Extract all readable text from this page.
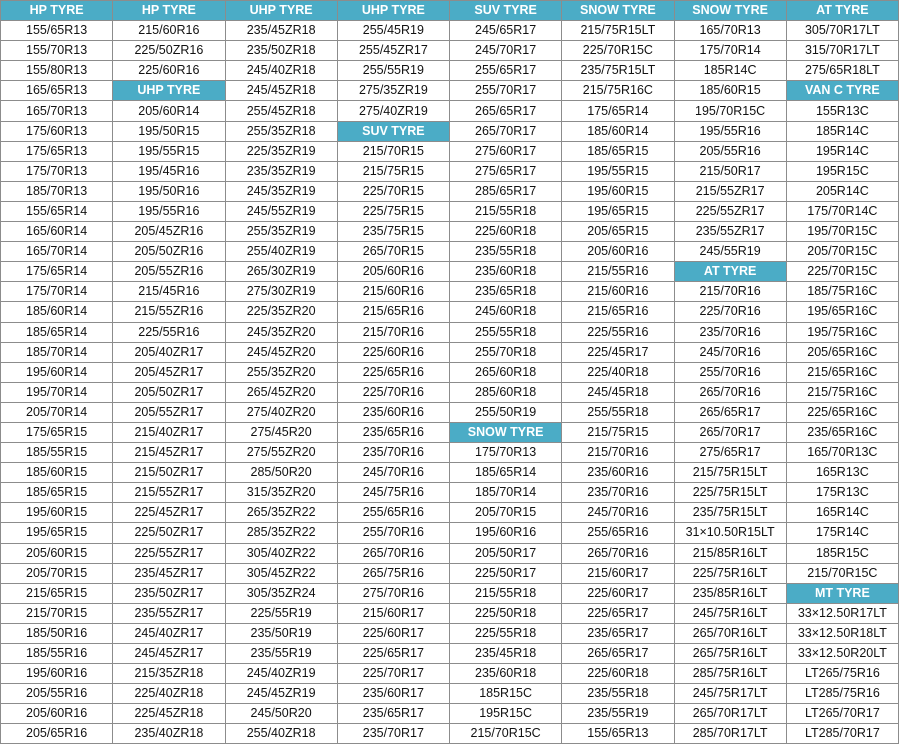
HP TYRE	HP TYRE	UHP TYRE	UHP TYRE	SUV TYRE	SNOW TYRE	SNOW TYRE	AT TYRE
155/65R13	215/60R16	235/45ZR18	255/45R19	245/65R17	215/75R15LT	165/70R13	305/70R17LT
155/70R13	225/50ZR16	235/50ZR18	255/45ZR17	245/70R17	225/70R15C	175/70R14	315/70R17LT
155/80R13	225/60R16	245/40ZR18	255/55R19	255/65R17	235/75R15LT	185R14C	275/65R18LT
165/65R13	UHP TYRE	245/45ZR18	275/35ZR19	255/70R17	215/75R16C	185/60R15	VAN C TYRE
165/70R13	205/60R14	255/45ZR18	275/40ZR19	265/65R17	175/65R14	195/70R15C	155R13C
175/60R13	195/50R15	255/35ZR18	SUV TYRE	265/70R17	185/60R14	195/55R16	185R14C
175/65R13	195/55R15	225/35ZR19	215/70R15	275/60R17	185/65R15	205/55R16	195R14C
175/70R13	195/45R16	235/35ZR19	215/75R15	275/65R17	195/55R15	215/50R17	195R15C
185/70R13	195/50R16	245/35ZR19	225/70R15	285/65R17	195/60R15	215/55ZR17	205R14C
155/65R14	195/55R16	245/55ZR19	225/75R15	215/55R18	195/65R15	225/55ZR17	175/70R14C
165/60R14	205/45ZR16	255/35ZR19	235/75R15	225/60R18	205/65R15	235/55ZR17	195/70R15C
165/70R14	205/50ZR16	255/40ZR19	265/70R15	235/55R18	205/60R16	245/55R19	205/70R15C
175/65R14	205/55ZR16	265/30ZR19	205/60R16	235/60R18	215/55R16	AT TYRE	225/70R15C
175/70R14	215/45R16	275/30ZR19	215/60R16	235/65R18	215/60R16	215/70R16	185/75R16C
185/60R14	215/55ZR16	225/35ZR20	215/65R16	245/60R18	215/65R16	225/70R16	195/65R16C
185/65R14	225/55R16	245/35ZR20	215/70R16	255/55R18	225/55R16	235/70R16	195/75R16C
185/70R14	205/40ZR17	245/45ZR20	225/60R16	255/70R18	225/45R17	245/70R16	205/65R16C
195/60R14	205/45ZR17	255/35ZR20	225/65R16	265/60R18	225/40R18	255/70R16	215/65R16C
195/70R14	205/50ZR17	265/45ZR20	225/70R16	285/60R18	245/45R18	265/70R16	215/75R16C
205/70R14	205/55ZR17	275/40ZR20	235/60R16	255/50R19	255/55R18	265/65R17	225/65R16C
175/65R15	215/40ZR17	275/45R20	235/65R16	SNOW TYRE	215/75R15	265/70R17	235/65R16C
185/55R15	215/45ZR17	275/55ZR20	235/70R16	175/70R13	215/70R16	275/65R17	165/70R13C
185/60R15	215/50ZR17	285/50R20	245/70R16	185/65R14	235/60R16	215/75R15LT	165R13C
185/65R15	215/55ZR17	315/35ZR20	245/75R16	185/70R14	235/70R16	225/75R15LT	175R13C
195/60R15	225/45ZR17	265/35ZR22	255/65R16	205/70R15	245/70R16	235/75R15LT	165R14C
195/65R15	225/50ZR17	285/35ZR22	255/70R16	195/60R16	255/65R16	31×10.50R15LT	175R14C
205/60R15	225/55ZR17	305/40ZR22	265/70R16	205/50R17	265/70R16	215/85R16LT	185R15C
205/70R15	235/45ZR17	305/45ZR22	265/75R16	225/50R17	215/60R17	225/75R16LT	215/70R15C
215/65R15	235/50ZR17	305/35ZR24	275/70R16	215/55R18	225/60R17	235/85R16LT	MT TYRE
215/70R15	235/55ZR17	225/55R19	215/60R17	225/50R18	225/65R17	245/75R16LT	33×12.50R17LT
185/50R16	245/40ZR17	235/50R19	225/60R17	225/55R18	235/65R17	265/70R16LT	33×12.50R18LT
185/55R16	245/45ZR17	235/55R19	225/65R17	235/45R18	265/65R17	265/75R16LT	33×12.50R20LT
195/60R16	215/35ZR18	245/40ZR19	225/70R17	235/60R18	225/60R18	285/75R16LT	LT265/75R16
205/55R16	225/40ZR18	245/45ZR19	235/60R17	185R15C	235/55R18	245/75R17LT	LT285/75R16
205/60R16	225/45ZR18	245/50R20	235/65R17	195R15C	235/55R19	265/70R17LT	LT265/70R17
205/65R16	235/40ZR18	255/40ZR18	235/70R17	215/70R15C	155/65R13	285/70R17LT	LT285/70R17
